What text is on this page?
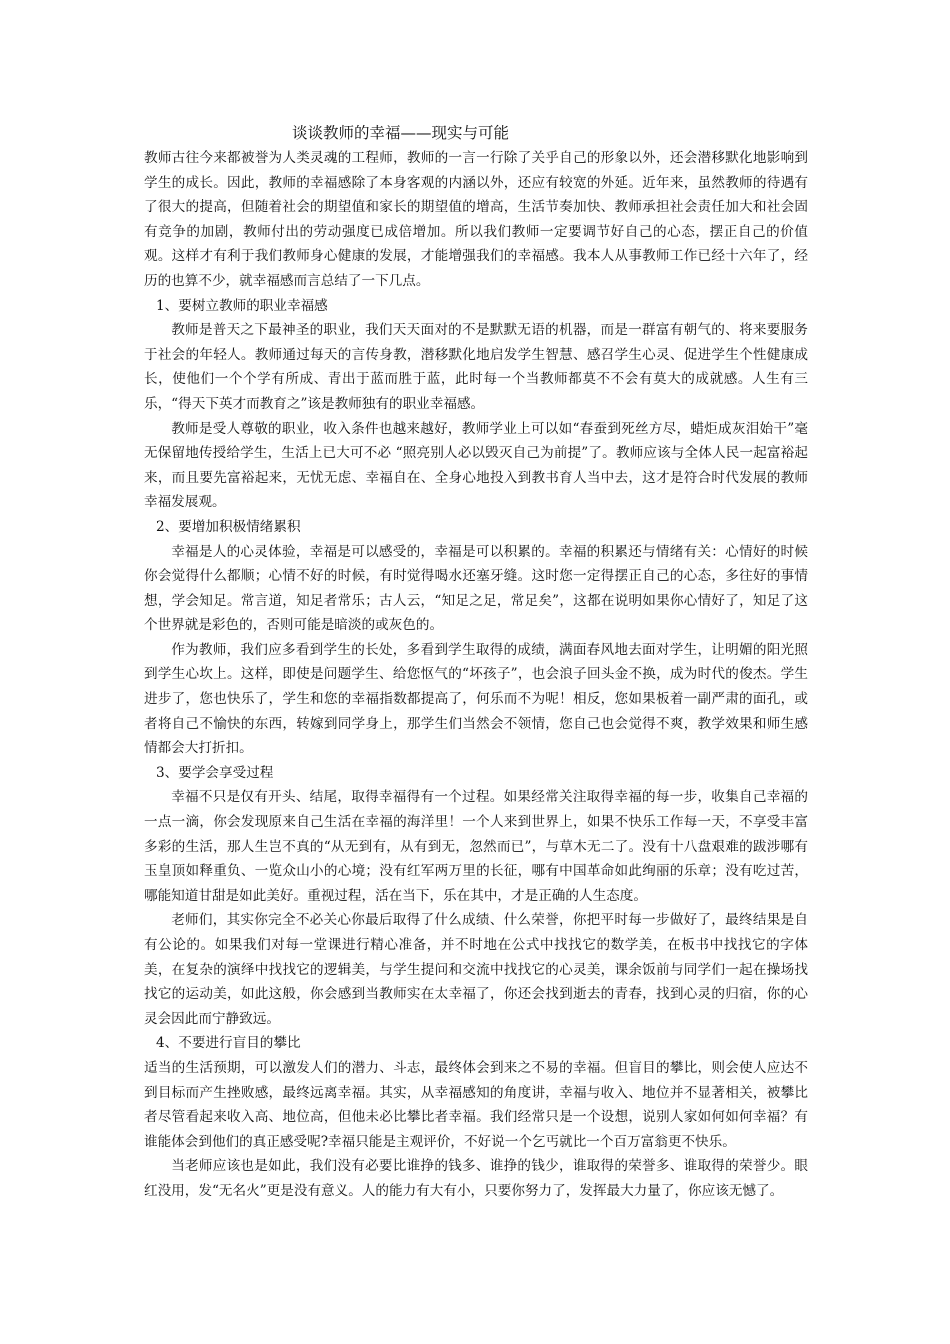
谈谈教师的幸福——现实与可能

教师古往今来都被誉为人类灵魂的工程师，教师的一言一行除了关乎自己的形象以外，还会潜移默化地影响到学生的成长。因此，教师的幸福感除了本身客观的内涵以外，还应有较宽的外延。近年来，虽然教师的待遇有了很大的提高，但随着社会的期望值和家长的期望值的增高，生活节奏加快、教师承担社会责任加大和社会固有竞争的加剧，教师付出的劳动强度已成倍增加。所以我们教师一定要调节好自己的心态，摆正自己的价值观。这样才有利于我们教师身心健康的发展，才能增强我们的幸福感。我本人从事教师工作已经十六年了，经历的也算不少，就幸福感而言总结了一下几点。

1、要树立教师的职业幸福感

教师是普天之下最神圣的职业，我们天天面对的不是默默无语的机器，而是一群富有朝气的、将来要服务于社会的年轻人。教师通过每天的言传身教，潜移默化地启发学生智慧、感召学生心灵、促进学生个性健康成长，使他们一个个学有所成、青出于蓝而胜于蓝，此时每一个当教师都莫不不会有莫大的成就感。人生有三乐，“得天下英才而教育之”该是教师独有的职业幸福感。

教师是受人尊敬的职业，收入条件也越来越好，教师学业上可以如“春蚕到死丝方尽，蜡炬成灰泪始干”毫无保留地传授给学生，生活上已大可不必 “照亮别人必以毁灭自己为前提”了。教师应该与全体人民一起富裕起来，而且要先富裕起来，无忧无虑、幸福自在、全身心地投入到教书育人当中去，这才是符合时代发展的教师幸福发展观。

2、要增加积极情绪累积

幸福是人的心灵体验，幸福是可以感受的，幸福是可以积累的。幸福的积累还与情绪有关：心情好的时候你会觉得什么都顺；心情不好的时候，有时觉得喝水还塞牙缝。这时您一定得摆正自己的心态，多往好的事情想，学会知足。常言道，知足者常乐；古人云，“知足之足，常足矣”，这都在说明如果你心情好了，知足了这个世界就是彩色的，否则可能是暗淡的或灰色的。

作为教师，我们应多看到学生的长处，多看到学生取得的成绩，满面春风地去面对学生，让明媚的阳光照到学生心坎上。这样，即使是问题学生、给您怄气的“坏孩子”，也会浪子回头金不换，成为时代的俊杰。学生进步了，您也快乐了，学生和您的幸福指数都提高了，何乐而不为呢！相反，您如果板着一副严肃的面孔，或者将自己不愉快的东西，转嫁到同学身上，那学生们当然会不领情，您自己也会觉得不爽，教学效果和师生感情都会大打折扣。

3、要学会享受过程

幸福不只是仅有开头、结尾，取得幸福得有一个过程。如果经常关注取得幸福的每一步，收集自己幸福的一点一滴，你会发现原来自己生活在幸福的海洋里！一个人来到世界上，如果不快乐工作每一天，不享受丰富多彩的生活，那人生岂不真的“从无到有，从有到无，忽然而已”，与草木无二了。没有十八盘艰难的跋涉哪有玉皇顶如释重负、一览众山小的心境；没有红军两万里的长征，哪有中国革命如此绚丽的乐章；没有吃过苦，哪能知道甘甜是如此美好。重视过程，活在当下，乐在其中，才是正确的人生态度。

老师们，其实你完全不必关心你最后取得了什么成绩、什么荣誉，你把平时每一步做好了，最终结果是自有公论的。如果我们对每一堂课进行精心准备，并不时地在公式中找找它的数学美，在板书中找找它的字体美，在复杂的演绎中找找它的逻辑美，与学生提问和交流中找找它的心灵美，课余饭前与同学们一起在操场找找它的运动美，如此这般，你会感到当教师实在太幸福了，你还会找到逝去的青春，找到心灵的归宿，你的心灵会因此而宁静致远。

4、不要进行盲目的攀比

适当的生活预期，可以激发人们的潜力、斗志，最终体会到来之不易的幸福。但盲目的攀比，则会使人应达不到目标而产生挫败感，最终远离幸福。其实，从幸福感知的角度讲，幸福与收入、地位并不显著相关，被攀比者尽管看起来收入高、地位高，但他未必比攀比者幸福。我们经常只是一个设想，说别人家如何如何幸福？有谁能体会到他们的真正感受呢?幸福只能是主观评价，不好说一个乞丐就比一个百万富翁更不快乐。

当老师应该也是如此，我们没有必要比谁挣的钱多、谁挣的钱少，谁取得的荣誉多、谁取得的荣誉少。眼红没用，发“无名火”更是没有意义。人的能力有大有小，只要你努力了，发挥最大力量了，你应该无憾了。
